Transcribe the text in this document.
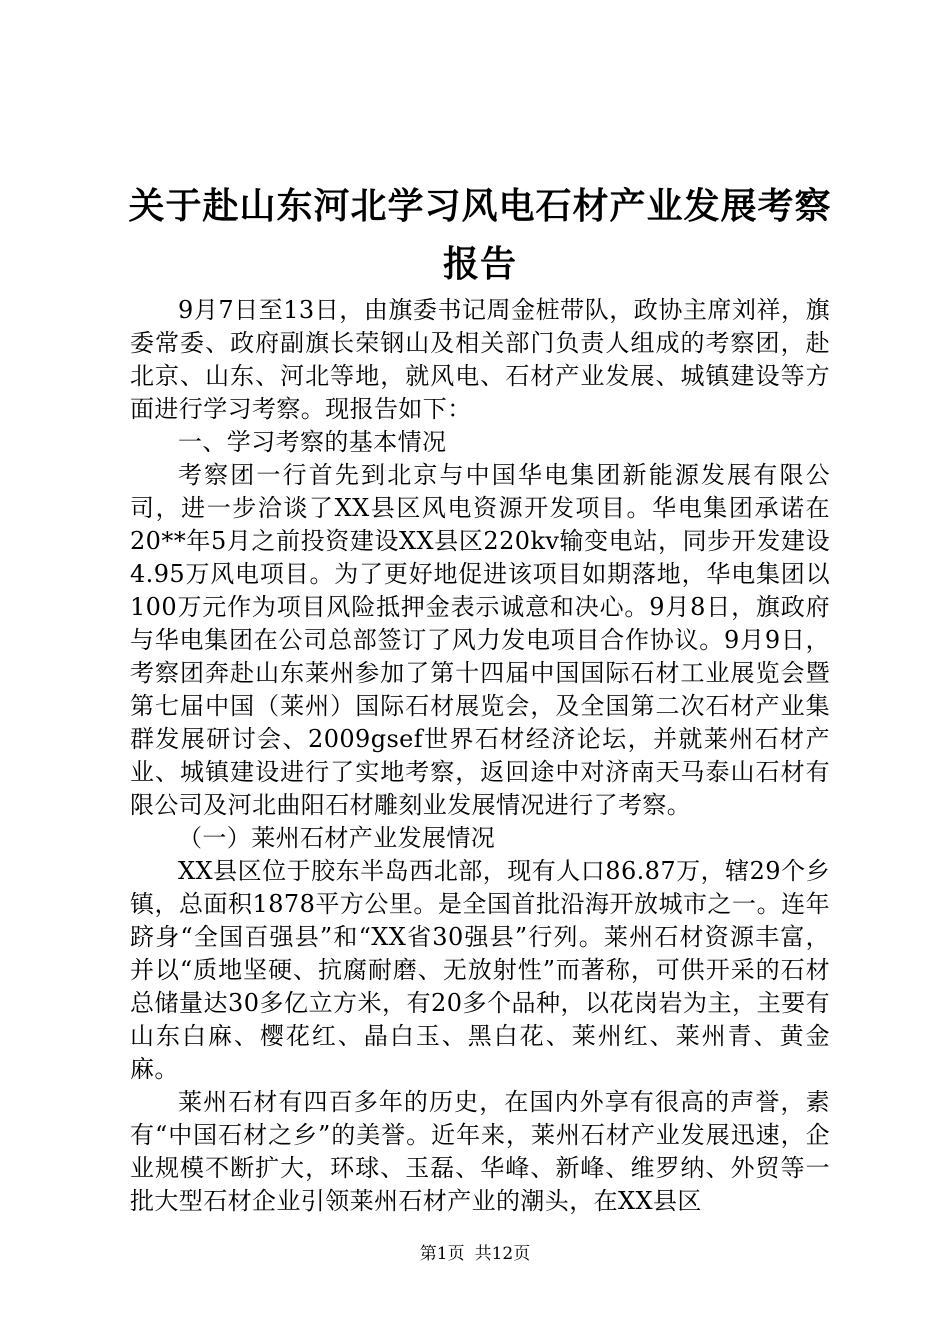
关于赴山东河北学习风电石材产业发展考察报告

9月7日至13日，由旗委书记周金桩带队，政协主席刘祥，旗委常委、政府副旗长荣钢山及相关部门负责人组成的考察团，赴北京、山东、河北等地，就风电、石材产业发展、城镇建设等方面进行学习考察。现报告如下：

一、学习考察的基本情况

考察团一行首先到北京与中国华电集团新能源发展有限公司，进一步洽谈了XX县区风电资源开发项目。华电集团承诺在20**年5月之前投资建设XX县区220kv输变电站，同步开发建设4.95万风电项目。为了更好地促进该项目如期落地，华电集团以100万元作为项目风险抵押金表示诚意和决心。9月8日，旗政府与华电集团在公司总部签订了风力发电项目合作协议。9月9日，考察团奔赴山东莱州参加了第十四届中国国际石材工业展览会暨第七届中国（莱州）国际石材展览会，及全国第二次石材产业集群发展研讨会、2009gsef世界石材经济论坛，并就莱州石材产业、城镇建设进行了实地考察，返回途中对济南天马泰山石材有限公司及河北曲阳石材雕刻业发展情况进行了考察。

（一）莱州石材产业发展情况

XX县区位于胶东半岛西北部，现有人口86.87万，辖29个乡镇，总面积1878平方公里。是全国首批沿海开放城市之一。连年跻身“全国百强县”和“XX省30强县”行列。莱州石材资源丰富，并以“质地坚硬、抗腐耐磨、无放射性”而著称，可供开采的石材总储量达30多亿立方米，有20多个品种，以花岗岩为主，主要有山东白麻、樱花红、晶白玉、黑白花、莱州红、莱州青、黄金麻。

莱州石材有四百多年的历史，在国内外享有很高的声誉，素有“中国石材之乡”的美誉。近年来，莱州石材产业发展迅速，企业规模不断扩大，环球、玉磊、华峰、新峰、维罗纳、外贸等一批大型石材企业引领莱州石材产业的潮头，在XX县区

第1页 共12页
